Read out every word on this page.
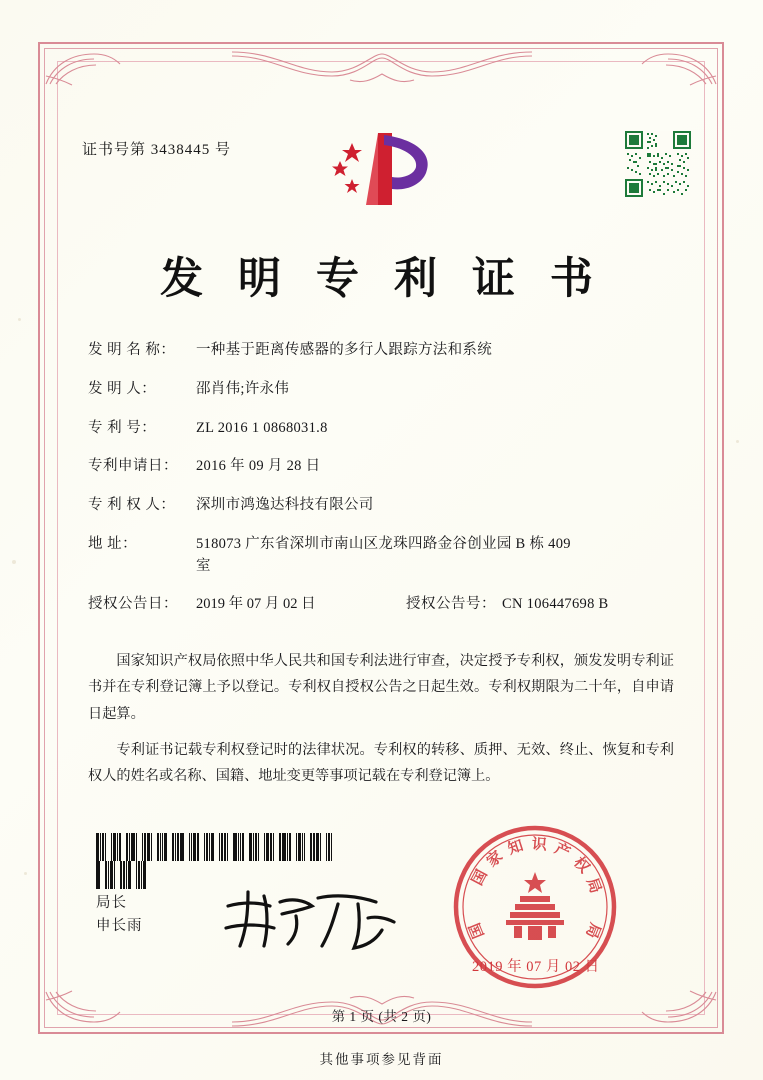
证书号第 3438445 号
发 明 专 利 证 书
发 明 名 称：	一种基于距离传感器的多行人跟踪方法和系统
发 明 人：	邵肖伟;许永伟
专 利 号：	ZL 2016 1 0868031.8
专利申请日：	2016 年 09 月 28 日
专 利 权 人：	深圳市鸿逸达科技有限公司
地 址：	518073 广东省深圳市南山区龙珠四路金谷创业园 B 栋 409
室
授权公告日：	2019 年 07 月 02 日	授权公告号： CN 106447698 B

国家知识产权局依照中华人民共和国专利法进行审查，决定授予专利权，颁发发明专利证书并在专利登记簿上予以登记。专利权自授权公告之日起生效。专利权期限为二十年，自申请日起算。

专利证书记载专利权登记时的法律状况。专利权的转移、质押、无效、终止、恢复和专利权人的姓名或名称、国籍、地址变更等事项记载在专利登记簿上。

局长
申长雨
国
家 知 识 产
权
局
局
国
2019 年 07 月 02 日
第 1 页 (共 2 页)
其他事项参见背面
